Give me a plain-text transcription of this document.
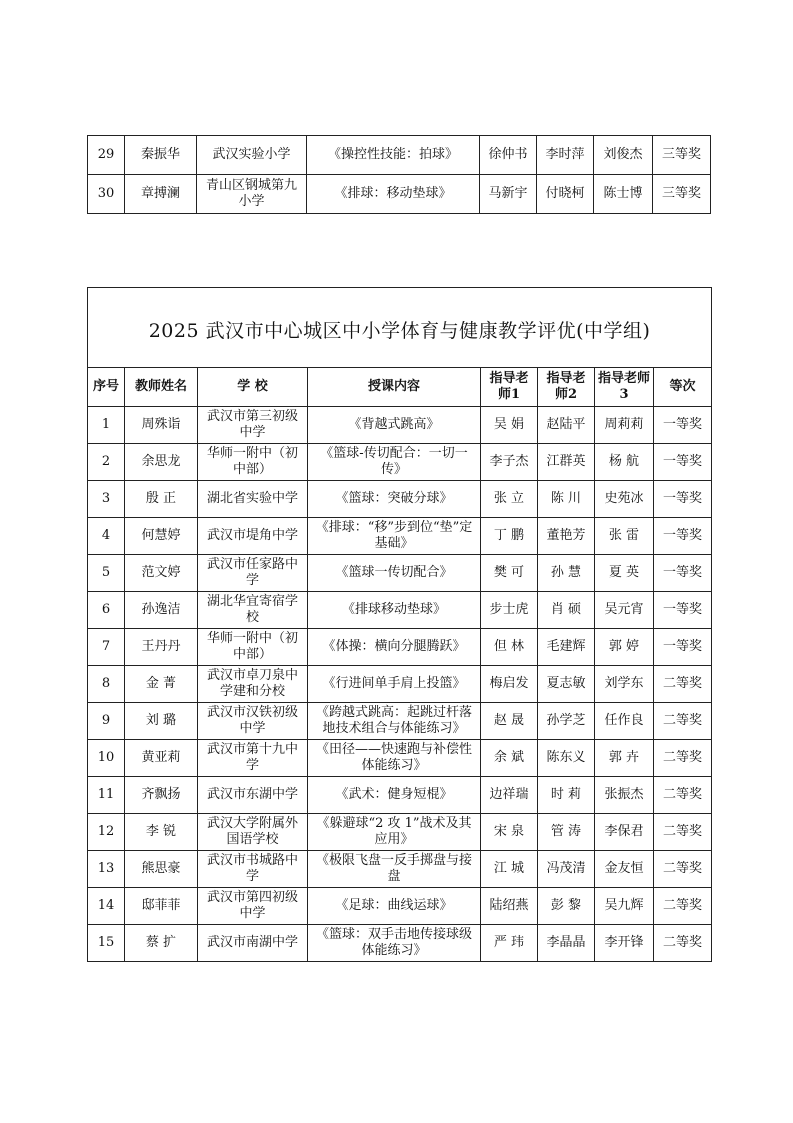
29	秦振华	武汉实验小学	《操控性技能：拍球》	徐仲书	李时萍	刘俊杰	三等奖
30	章搏澜	青山区钢城第九小学	《排球：移动垫球》	马新宇	付晓柯	陈士博	三等奖
2025 武汉市中心城区中小学体育与健康教学评优(中学组)							
序号	教师姓名	学 校	授课内容	指导老师1	指导老师2	指导老师3	等次
1	周殊诣	武汉市第三初级中学	《背越式跳高》	吴 娟	赵陆平	周莉莉	一等奖
2	余思龙	华师一附中（初中部）	《篮球-传切配合：一切一传》	李子杰	江群英	杨 航	一等奖
3	殷 正	湖北省实验中学	《篮球：突破分球》	张 立	陈 川	史苑冰	一等奖
4	何慧婷	武汉市堤角中学	《排球：“移”步到位“垫”定基础》	丁 鹏	董艳芳	张 雷	一等奖
5	范文婷	武汉市任家路中学	《篮球一传切配合》	樊 可	孙 慧	夏 英	一等奖
6	孙逸洁	湖北华宜寄宿学校	《排球移动垫球》	步士虎	肖 硕	吴元宵	一等奖
7	王丹丹	华师一附中（初中部）	《体操：横向分腿腾跃》	但 林	毛建辉	郭 婷	一等奖
8	金 菁	武汉市卓刀泉中学建和分校	《行进间单手肩上投篮》	梅启发	夏志敏	刘学东	二等奖
9	刘 璐	武汉市汉铁初级中学	《跨越式跳高：起跳过杆落地技术组合与体能练习》	赵 晟	孙学芝	任作良	二等奖
10	黄亚莉	武汉市第十九中学	《田径——快速跑与补偿性体能练习》	余 斌	陈东义	郭 卉	二等奖
11	齐飘扬	武汉市东湖中学	《武术：健身短棍》	边祥瑞	时 莉	张振杰	二等奖
12	李 锐	武汉大学附属外国语学校	《躲避球“2 攻 1”战术及其应用》	宋 泉	管 涛	李保君	二等奖
13	熊思豪	武汉市书城路中学	《极限飞盘一反手掷盘与接盘	江 城	冯茂清	金友恒	二等奖
14	邸菲菲	武汉市第四初级中学	《足球：曲线运球》	陆绍燕	彭 黎	吴九辉	二等奖
15	蔡 扩	武汉市南湖中学	《篮球：双手击地传接球级体能练习》	严 玮	李晶晶	李开锋	二等奖
